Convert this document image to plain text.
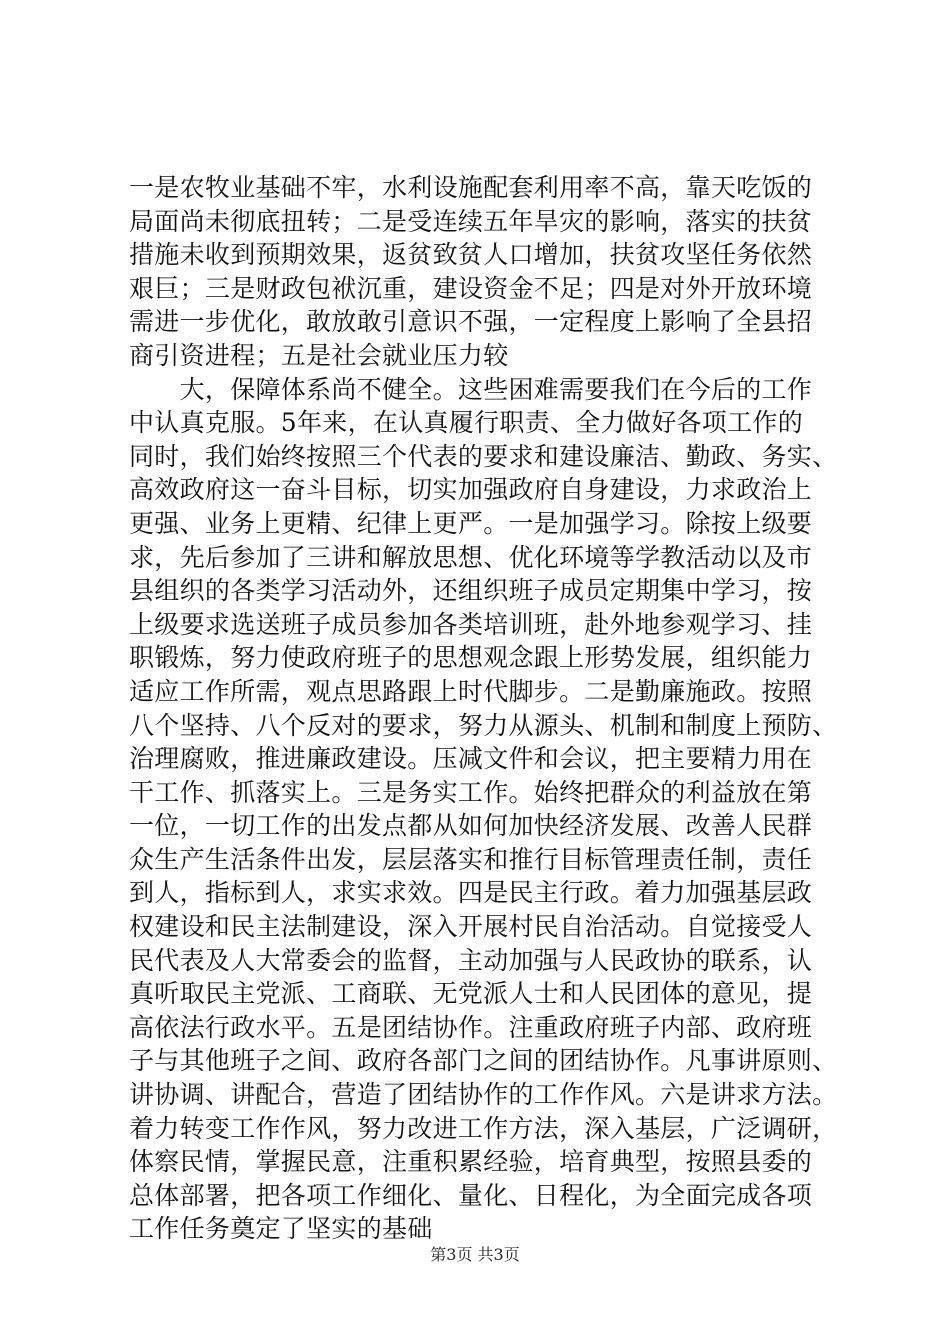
一是农牧业基础不牢，水利设施配套利用率不高，靠天吃饭的
局面尚未彻底扭转；二是受连续五年旱灾的影响，落实的扶贫
措施未收到预期效果，返贫致贫人口增加，扶贫攻坚任务依然
艰巨；三是财政包袱沉重，建设资金不足；四是对外开放环境
需进一步优化，敢放敢引意识不强，一定程度上影响了全县招
商引资进程；五是社会就业压力较
　　大，保障体系尚不健全。这些困难需要我们在今后的工作
中认真克服。5年来，在认真履行职责、全力做好各项工作的
同时，我们始终按照三个代表的要求和建设廉洁、勤政、务实、
高效政府这一奋斗目标，切实加强政府自身建设，力求政治上
更强、业务上更精、纪律上更严。一是加强学习。除按上级要
求，先后参加了三讲和解放思想、优化环境等学教活动以及市
县组织的各类学习活动外，还组织班子成员定期集中学习，按
上级要求选送班子成员参加各类培训班，赴外地参观学习、挂
职锻炼，努力使政府班子的思想观念跟上形势发展，组织能力
适应工作所需，观点思路跟上时代脚步。二是勤廉施政。按照
八个坚持、八个反对的要求，努力从源头、机制和制度上预防、
治理腐败，推进廉政建设。压减文件和会议，把主要精力用在
干工作、抓落实上。三是务实工作。始终把群众的利益放在第
一位，一切工作的出发点都从如何加快经济发展、改善人民群
众生产生活条件出发，层层落实和推行目标管理责任制，责任
到人，指标到人，求实求效。四是民主行政。着力加强基层政
权建设和民主法制建设，深入开展村民自治活动。自觉接受人
民代表及人大常委会的监督，主动加强与人民政协的联系，认
真听取民主党派、工商联、无党派人士和人民团体的意见，提
高依法行政水平。五是团结协作。注重政府班子内部、政府班
子与其他班子之间、政府各部门之间的团结协作。凡事讲原则、
讲协调、讲配合，营造了团结协作的工作作风。六是讲求方法。
着力转变工作作风，努力改进工作方法，深入基层，广泛调研，
体察民情，掌握民意，注重积累经验，培育典型，按照县委的
总体部署，把各项工作细化、量化、日程化，为全面完成各项
工作任务奠定了坚实的基础
第3页 共3页
